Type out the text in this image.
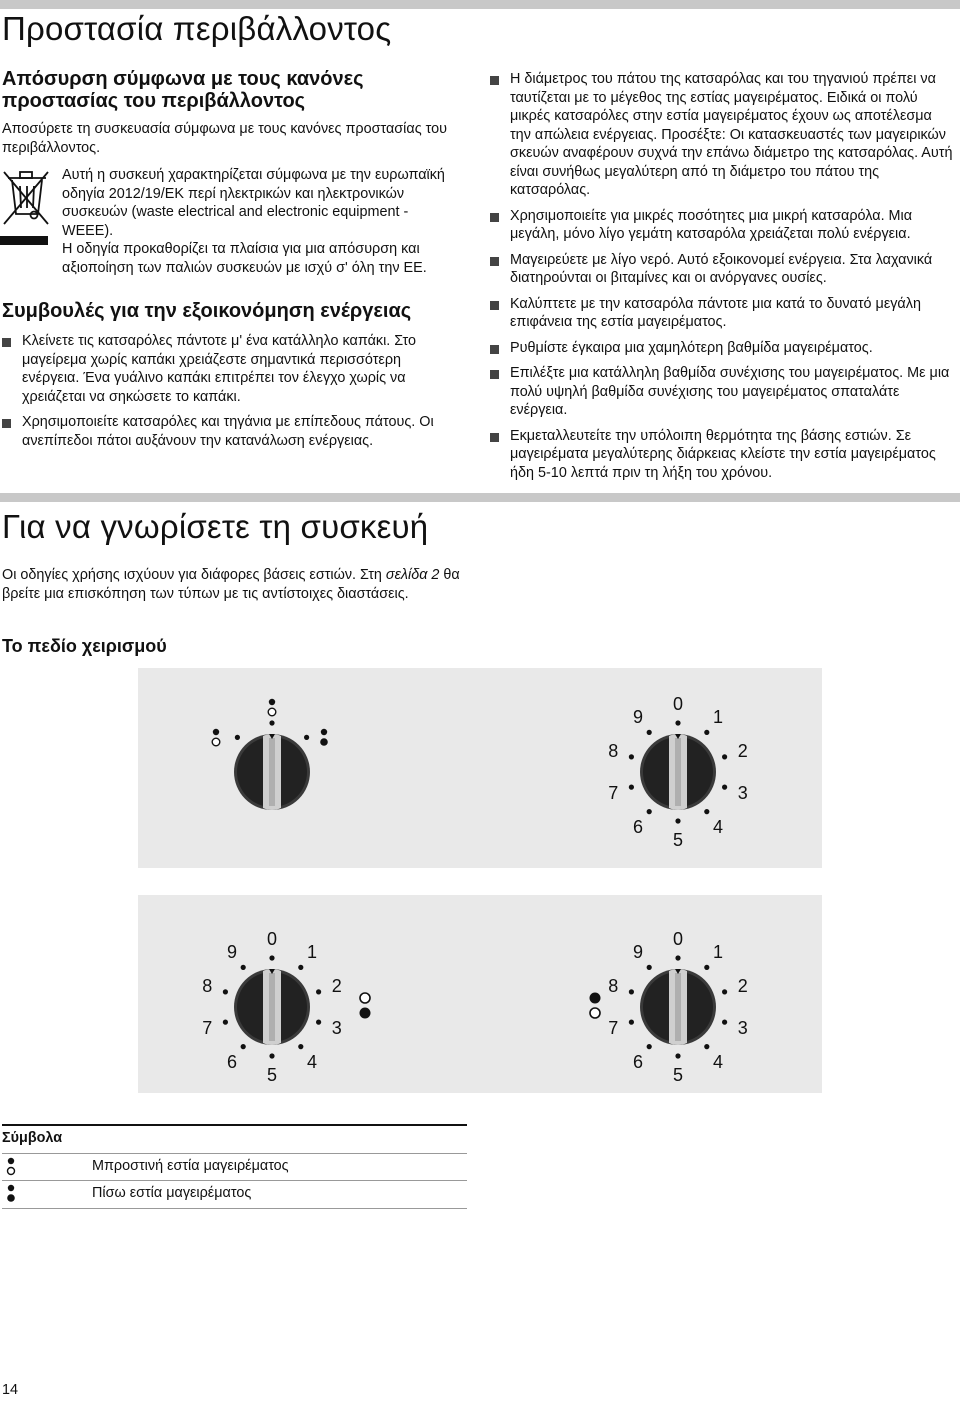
Προστασία περιβάλλοντος
Απόσυρση σύμφωνα με τους κανόνες προστασίας του περιβάλλοντος

Αποσύρετε τη συσκευασία σύμφωνα με τους κανόνες προστασίας του περιβάλλοντος.

Αυτή η συσκευή χαρακτηρίζεται σύμφωνα με την ευρωπαϊκή οδηγία 2012/19/ΕΚ περί ηλεκτρικών και ηλεκτρονικών συσκευών (waste electrical and electronic equipment - WEEE).

Η οδηγία προκαθορίζει τα πλαίσια για μια απόσυρση και αξιοποίηση των παλιών συσκευών με ισχύ σ' όλη την ΕΕ.

Συμβουλές για την εξοικονόμηση ενέργειας
Κλείνετε τις κατσαρόλες πάντοτε μ' ένα κατάλληλο καπάκι. Στο μαγείρεμα χωρίς καπάκι χρειάζεστε σημαντικά περισσότερη ενέργεια. Ένα γυάλινο καπάκι επιτρέπει τον έλεγχο χωρίς να χρειάζεται να σηκώσετε το καπάκι.
Χρησιμοποιείτε κατσαρόλες και τηγάνια με επίπεδους πάτους. Οι ανεπίπεδοι πάτοι αυξάνουν την κατανάλωση ενέργειας.
Η διάμετρος του πάτου της κατσαρόλας και του τηγανιού πρέπει να ταυτίζεται με το μέγεθος της εστίας μαγειρέματος. Ειδικά οι πολύ μικρές κατσαρόλες στην εστία μαγειρέματος έχουν ως αποτέλεσμα την απώλεια ενέργειας. Προσέξτε: Οι κατασκευαστές των μαγειρικών σκευών αναφέρουν συχνά την επάνω διάμετρο της κατσαρόλας. Αυτή είναι συνήθως μεγαλύτερη από τη διάμετρο του πάτου της κατσαρόλας.
Χρησιμοποιείτε για μικρές ποσότητες μια μικρή κατσαρόλα. Μια μεγάλη, μόνο λίγο γεμάτη κατσαρόλα χρειάζεται πολύ ενέργεια.
Μαγειρεύετε με λίγο νερό. Αυτό εξοικονομεί ενέργεια. Στα λαχανικά διατηρούνται οι βιταμίνες και οι ανόργανες ουσίες.
Καλύπτετε με την κατσαρόλα πάντοτε μια κατά το δυνατό μεγάλη επιφάνεια της εστία μαγειρέματος.
Ρυθμίστε έγκαιρα μια χαμηλότερη βαθμίδα μαγειρέματος.
Επιλέξτε μια κατάλληλη βαθμίδα συνέχισης του μαγειρέματος. Με μια πολύ υψηλή βαθμίδα συνέχισης του μαγειρέματος σπαταλάτε ενέργεια.
Εκμεταλλευτείτε την υπόλοιπη θερμότητα της βάσης εστιών. Σε μαγειρέματα μεγαλύτερης διάρκειας κλείστε την εστία μαγειρέματος ήδη 5-10 λεπτά πριν τη λήξη του χρόνου.
Για να γνωρίσετε τη συσκευή

Οι οδηγίες χρήσης ισχύουν για διάφορες βάσεις εστιών. Στη σελίδα 2 θα βρείτε μια επισκόπηση των τύπων με τις αντίστοιχες διαστάσεις.

Το πεδίο χειρισμού
0
1
2
3
4
5
6
7
8
9
0
1
2
3
4
5
6
7
8
9
0
1
2
3
4
5
6
7
8
9
Σύμβολα
Μπροστινή εστία μαγειρέματος
Πίσω εστία μαγειρέματος
14
